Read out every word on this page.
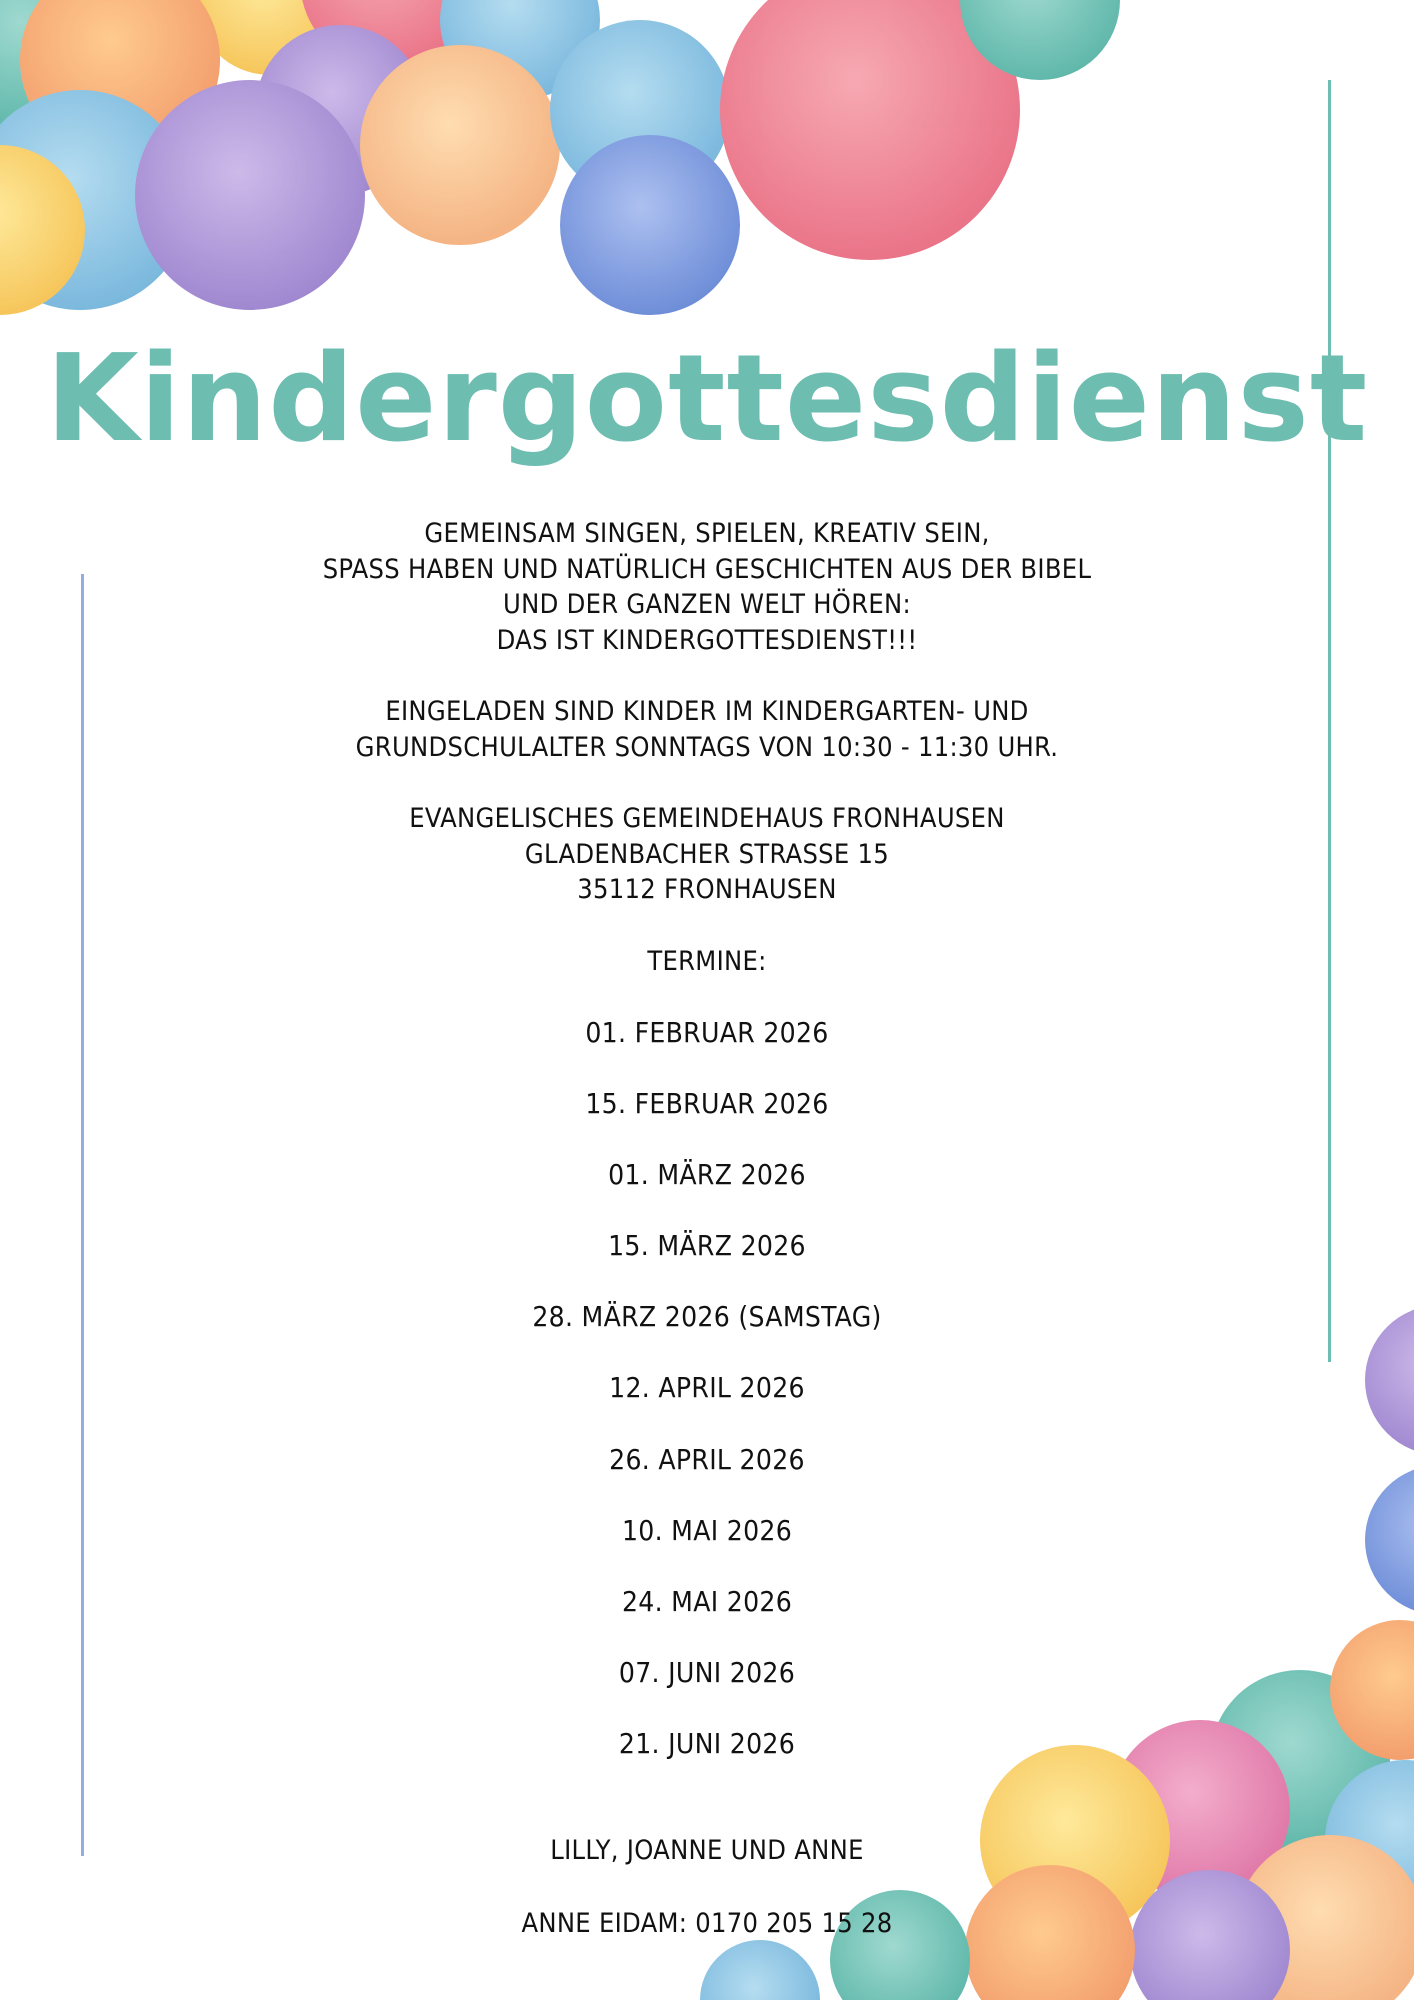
Kindergottesdienst

GEMEINSAM SINGEN, SPIELEN, KREATIV SEIN,

SPASS HABEN UND NATÜRLICH GESCHICHTEN AUS DER BIBEL

UND DER GANZEN WELT HÖREN:

DAS IST KINDERGOTTESDIENST!!!

EINGELADEN SIND KINDER IM KINDERGARTEN- UND

GRUNDSCHULALTER SONNTAGS VON 10:30 - 11:30 UHR.

EVANGELISCHES GEMEINDEHAUS FRONHAUSEN

GLADENBACHER STRASSE 15

35112 FRONHAUSEN

TERMINE:
01. FEBRUAR 2026
15. FEBRUAR 2026
01. MÄRZ 2026
15. MÄRZ 2026
28. MÄRZ 2026 (SAMSTAG)
12. APRIL 2026
26. APRIL 2026
10. MAI 2026
24. MAI 2026
07. JUNI 2026
21. JUNI 2026
LILLY, JOANNE UND ANNE
ANNE EIDAM: 0170 205 15 28
